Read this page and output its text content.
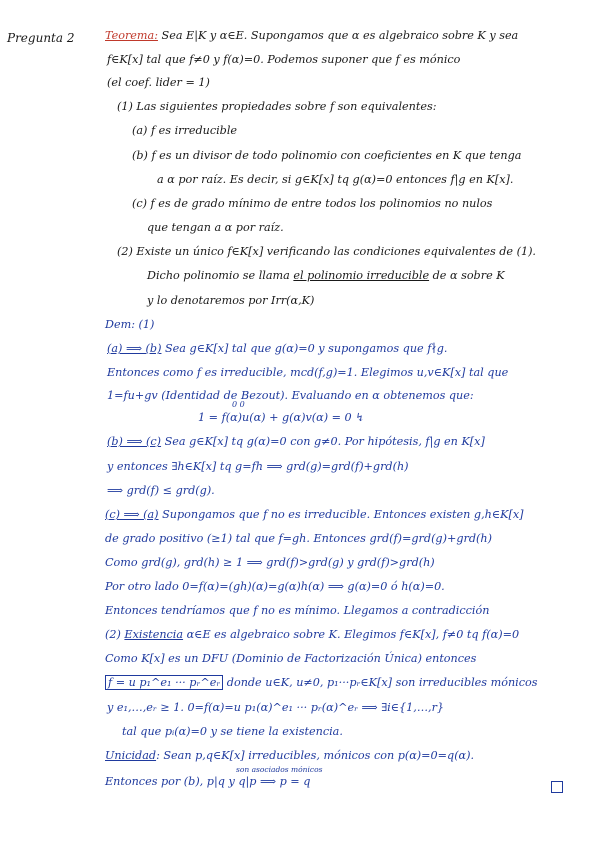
Pregunta 2	Teorema: Sea E|K y α∈E. Supongamos que α es algebraico sobre K y sea
f∈K[x] tal que f≠0 y f(α)=0. Podemos suponer que f es mónico
(el coef. lider = 1)
(1) Las siguientes propiedades sobre f son equivalentes:
(a) f es irreducible
(b) f es un divisor de todo polinomio con coeficientes en K que tenga
a α por raíz. Es decir, si g∈K[x] tq g(α)=0 entonces f|g en K[x].
(c) f es de grado mínimo de entre todos los polinomios no nulos
que tengan a α por raíz.
(2) Existe un único f∈K[x] verificando las condiciones equivalentes de (1).
Dicho polinomio se llama el polinomio irreducible de α sobre K
y lo denotaremos por Irr(α,K)
Dem: (1)
(a) ⟹ (b) Sea g∈K[x] tal que g(α)=0 y supongamos que f∤g.
Entonces como f es irreducible, mcd(f,g)=1. Elegimos u,v∈K[x] tal que
1=fu+gv (Identidad de Bezout). Evaluando en α obtenemos que:
0 0
1 = f(α)u(α) + g(α)v(α) = 0 ↯
(b) ⟹ (c) Sea g∈K[x] tq g(α)=0 con g≠0. Por hipótesis, f|g en K[x]
y entonces ∃h∈K[x] tq g=fh ⟹ grd(g)=grd(f)+grd(h)
⟹ grd(f) ≤ grd(g).
(c) ⟹ (a) Supongamos que f no es irreducible. Entonces existen g,h∈K[x]
de grado positivo (≥1) tal que f=gh. Entonces grd(f)=grd(g)+grd(h)
Como grd(g), grd(h) ≥ 1 ⟹ grd(f)>grd(g) y grd(f)>grd(h)
Por otro lado 0=f(α)=(gh)(α)=g(α)h(α) ⟹ g(α)=0 ó h(α)=0.
Entonces tendríamos que f no es mínimo. Llegamos a contradicción
(2) Existencia α∈E es algebraico sobre K. Elegimos f∈K[x], f≠0 tq f(α)=0
Como K[x] es un DFU (Dominio de Factorización Única) entonces
f = u p₁^e₁ ··· pᵣ^eᵣ donde u∈K, u≠0, p₁···pᵣ∈K[x] son irreducibles mónicos
y e₁,…,eᵣ ≥ 1. 0=f(α)=u p₁(α)^e₁ ··· pᵣ(α)^eᵣ ⟹ ∃i∈{1,…,r}
tal que pᵢ(α)=0 y se tiene la existencia.
Unicidad: Sean p,q∈K[x] irreducibles, mónicos con p(α)=0=q(α).
son asociados mónicos
Entonces por (b), p|q y q|p ⟹ p = q
